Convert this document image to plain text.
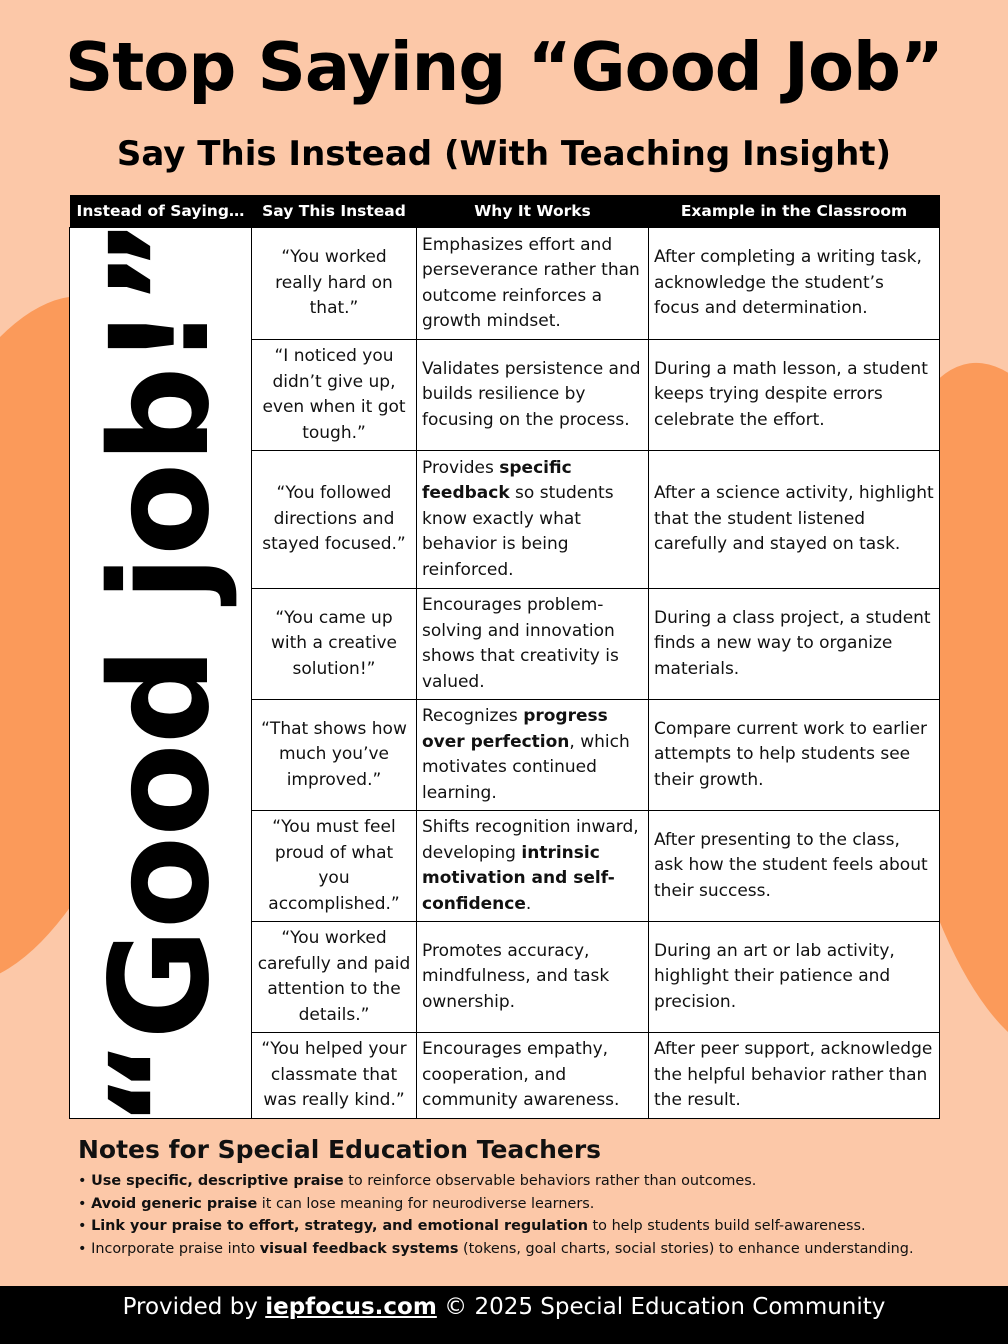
Stop Saying “Good Job”
Say This Instead (With Teaching Insight)
Instead of Saying…	Say This Instead	Why It Works	Example in the Classroom

“Good job!”	“You worked really hard on that.”	Emphasizes effort and perseverance rather than outcome reinforces a growth mindset.	After completing a writing task, acknowledge the student’s focus and determination.
	“I noticed you didn’t give up, even when it got tough.”	Validates persistence and builds resilience by focusing on the process.	During a math lesson, a student keeps trying despite errors celebrate the effort.
	“You followed directions and stayed focused.”	Provides specific feedback so students know exactly what behavior is being reinforced.	After a science activity, highlight that the student listened carefully and stayed on task.
	“You came up with a creative solution!”	Encourages problem-solving and innovation shows that creativity is valued.	During a class project, a student finds a new way to organize materials.
	“That shows how much you’ve improved.”	Recognizes progress over perfection, which motivates continued learning.	Compare current work to earlier attempts to help students see their growth.
	“You must feel proud of what you accomplished.”	Shifts recognition inward, developing intrinsic motivation and self-confidence.	After presenting to the class, ask how the student feels about their success.
	“You worked carefully and paid attention to the details.”	Promotes accuracy, mindfulness, and task ownership.	During an art or lab activity, highlight their patience and precision.
	“You helped your classmate that was really kind.”	Encourages empathy, cooperation, and community awareness.	After peer support, acknowledge the helpful behavior rather than the result.
Notes for Special Education Teachers
• Use specific, descriptive praise to reinforce observable behaviors rather than outcomes.
• Avoid generic praise it can lose meaning for neurodiverse learners.
• Link your praise to effort, strategy, and emotional regulation to help students build self-awareness.
• Incorporate praise into visual feedback systems (tokens, goal charts, social stories) to enhance understanding.
Provided by iepfocus.com © 2025 Special Education Community
